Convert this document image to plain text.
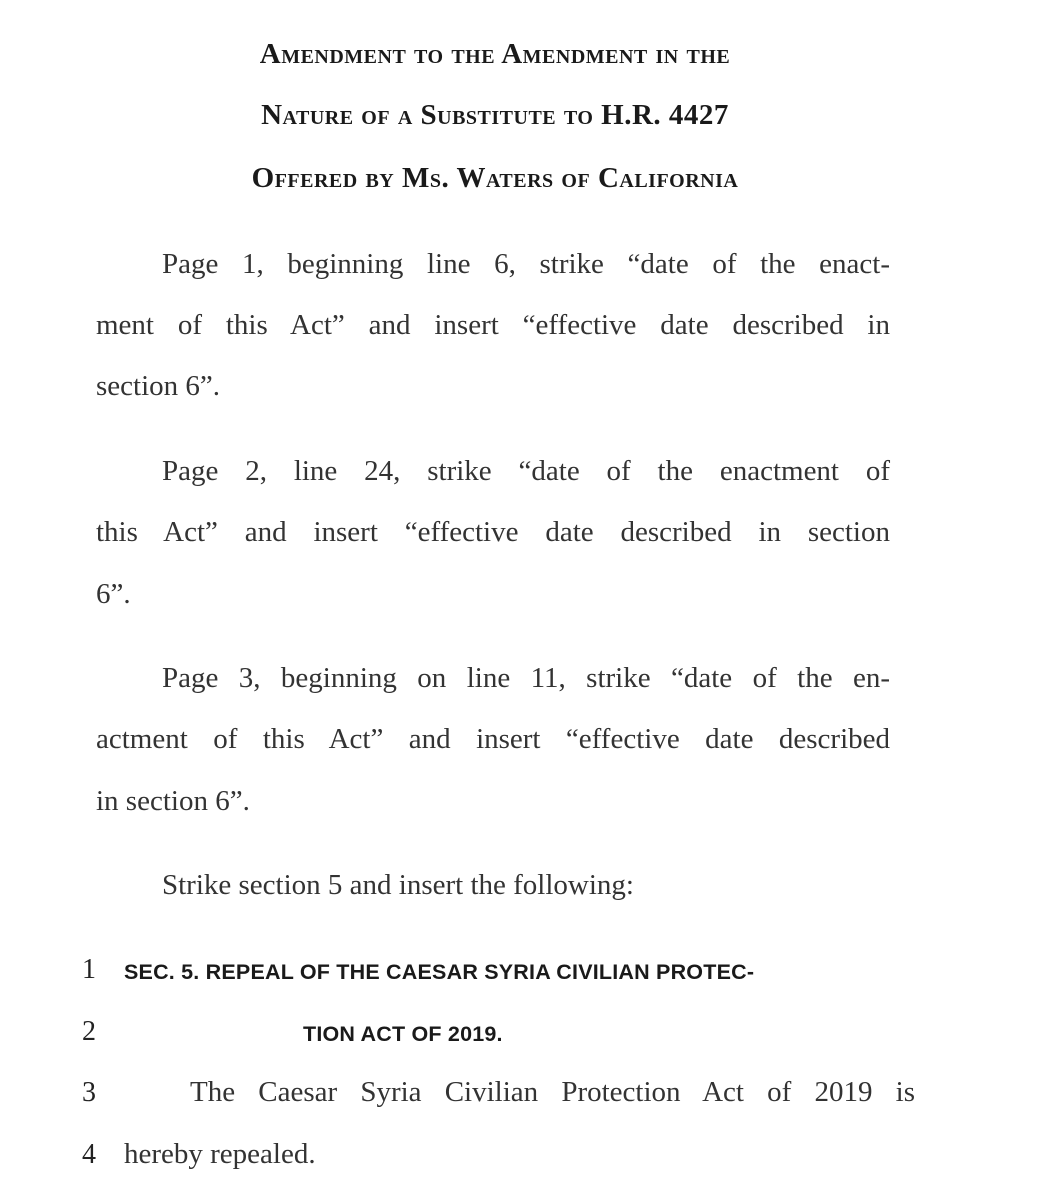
Amendment to the Amendment in the
Nature of a Substitute to H.R. 4427
Offered by Ms. Waters of California
Page 1, beginning line 6, strike “date of the enact-
ment of this Act” and insert “effective date described in
section 6”.
Page 2, line 24, strike “date of the enactment of
this Act” and insert “effective date described in section
6”.
Page 3, beginning on line 11, strike “date of the en-
actment of this Act” and insert “effective date described
in section 6”.
Strike section 5 and insert the following:
1
2
3
4
SEC. 5. REPEAL OF THE CAESAR SYRIA CIVILIAN PROTEC-
TION ACT OF 2019.
The Caesar Syria Civilian Protection Act of 2019 is
hereby repealed.
